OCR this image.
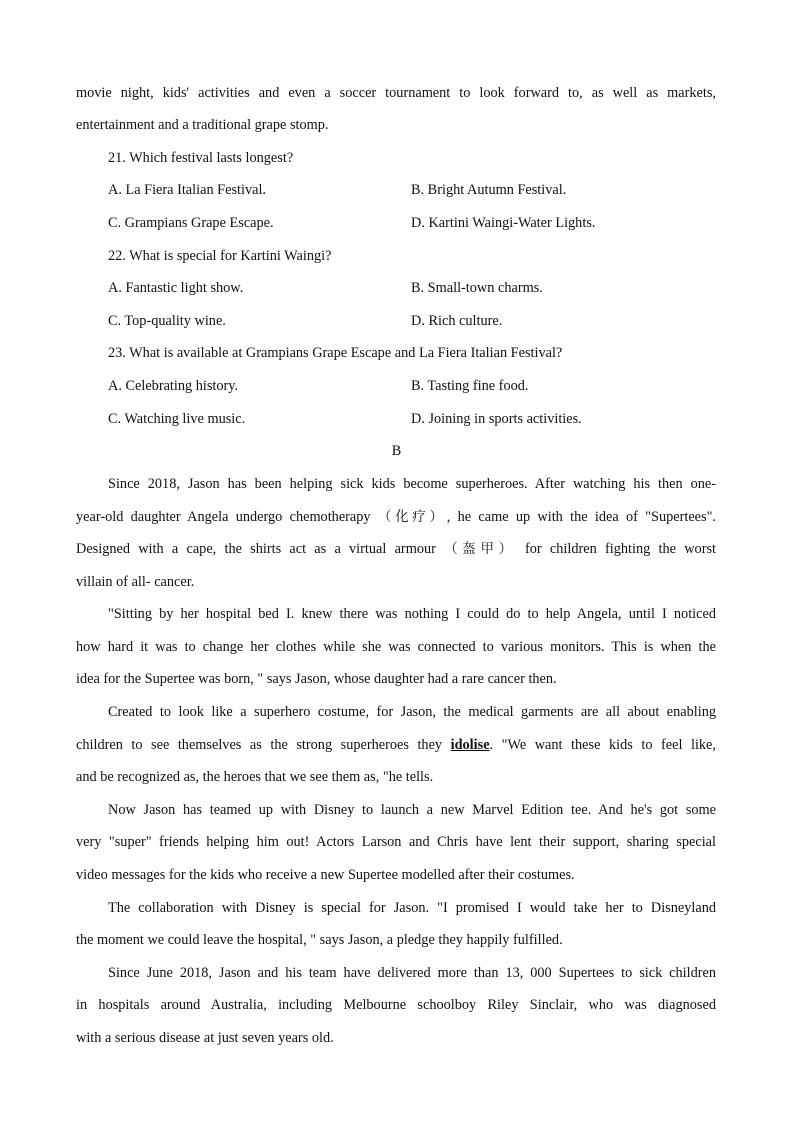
movie night, kids' activities and even a soccer tournament to look forward to, as well as markets,
entertainment and a traditional grape stomp.
21. Which festival lasts longest?
A. La Fiera Italian Festival.	B. Bright Autumn Festival.
C. Grampians Grape Escape.	D. Kartini Waingi-Water Lights.
22. What is special for Kartini Waingi?
A. Fantastic light show.	B. Small-town charms.
C. Top-quality wine.	D. Rich culture.
23. What is available at Grampians Grape Escape and La Fiera Italian Festival?
A. Celebrating history.	B. Tasting fine food.
C. Watching live music.	D. Joining in sports activities.
B
Since 2018, Jason has been helping sick kids become superheroes. After watching his then one-
year-old daughter Angela undergo chemotherapy （化疗）, he came up with the idea of "Supertees".
Designed with a cape, the shirts act as a virtual armour （盔甲） for children fighting the worst
villain of all- cancer.
"Sitting by her hospital bed I. knew there was nothing I could do to help Angela, until I noticed
how hard it was to change her clothes while she was connected to various monitors. This is when the
idea for the Supertee was born, " says Jason, whose daughter had a rare cancer then.
Created to look like a superhero costume, for Jason, the medical garments are all about enabling
children to see themselves as the strong superheroes they idolise. "We want these kids to feel like,
and be recognized as, the heroes that we see them as, "he tells.
Now Jason has teamed up with Disney to launch a new Marvel Edition tee. And he's got some
very "super" friends helping him out! Actors Larson and Chris have lent their support, sharing special
video messages for the kids who receive a new Supertee modelled after their costumes.
The collaboration with Disney is special for Jason. "I promised I would take her to Disneyland
the moment we could leave the hospital, " says Jason, a pledge they happily fulfilled.
Since June 2018, Jason and his team have delivered more than 13, 000 Supertees to sick children
in hospitals around Australia, including Melbourne schoolboy Riley Sinclair, who was diagnosed
with a serious disease at just seven years old.
